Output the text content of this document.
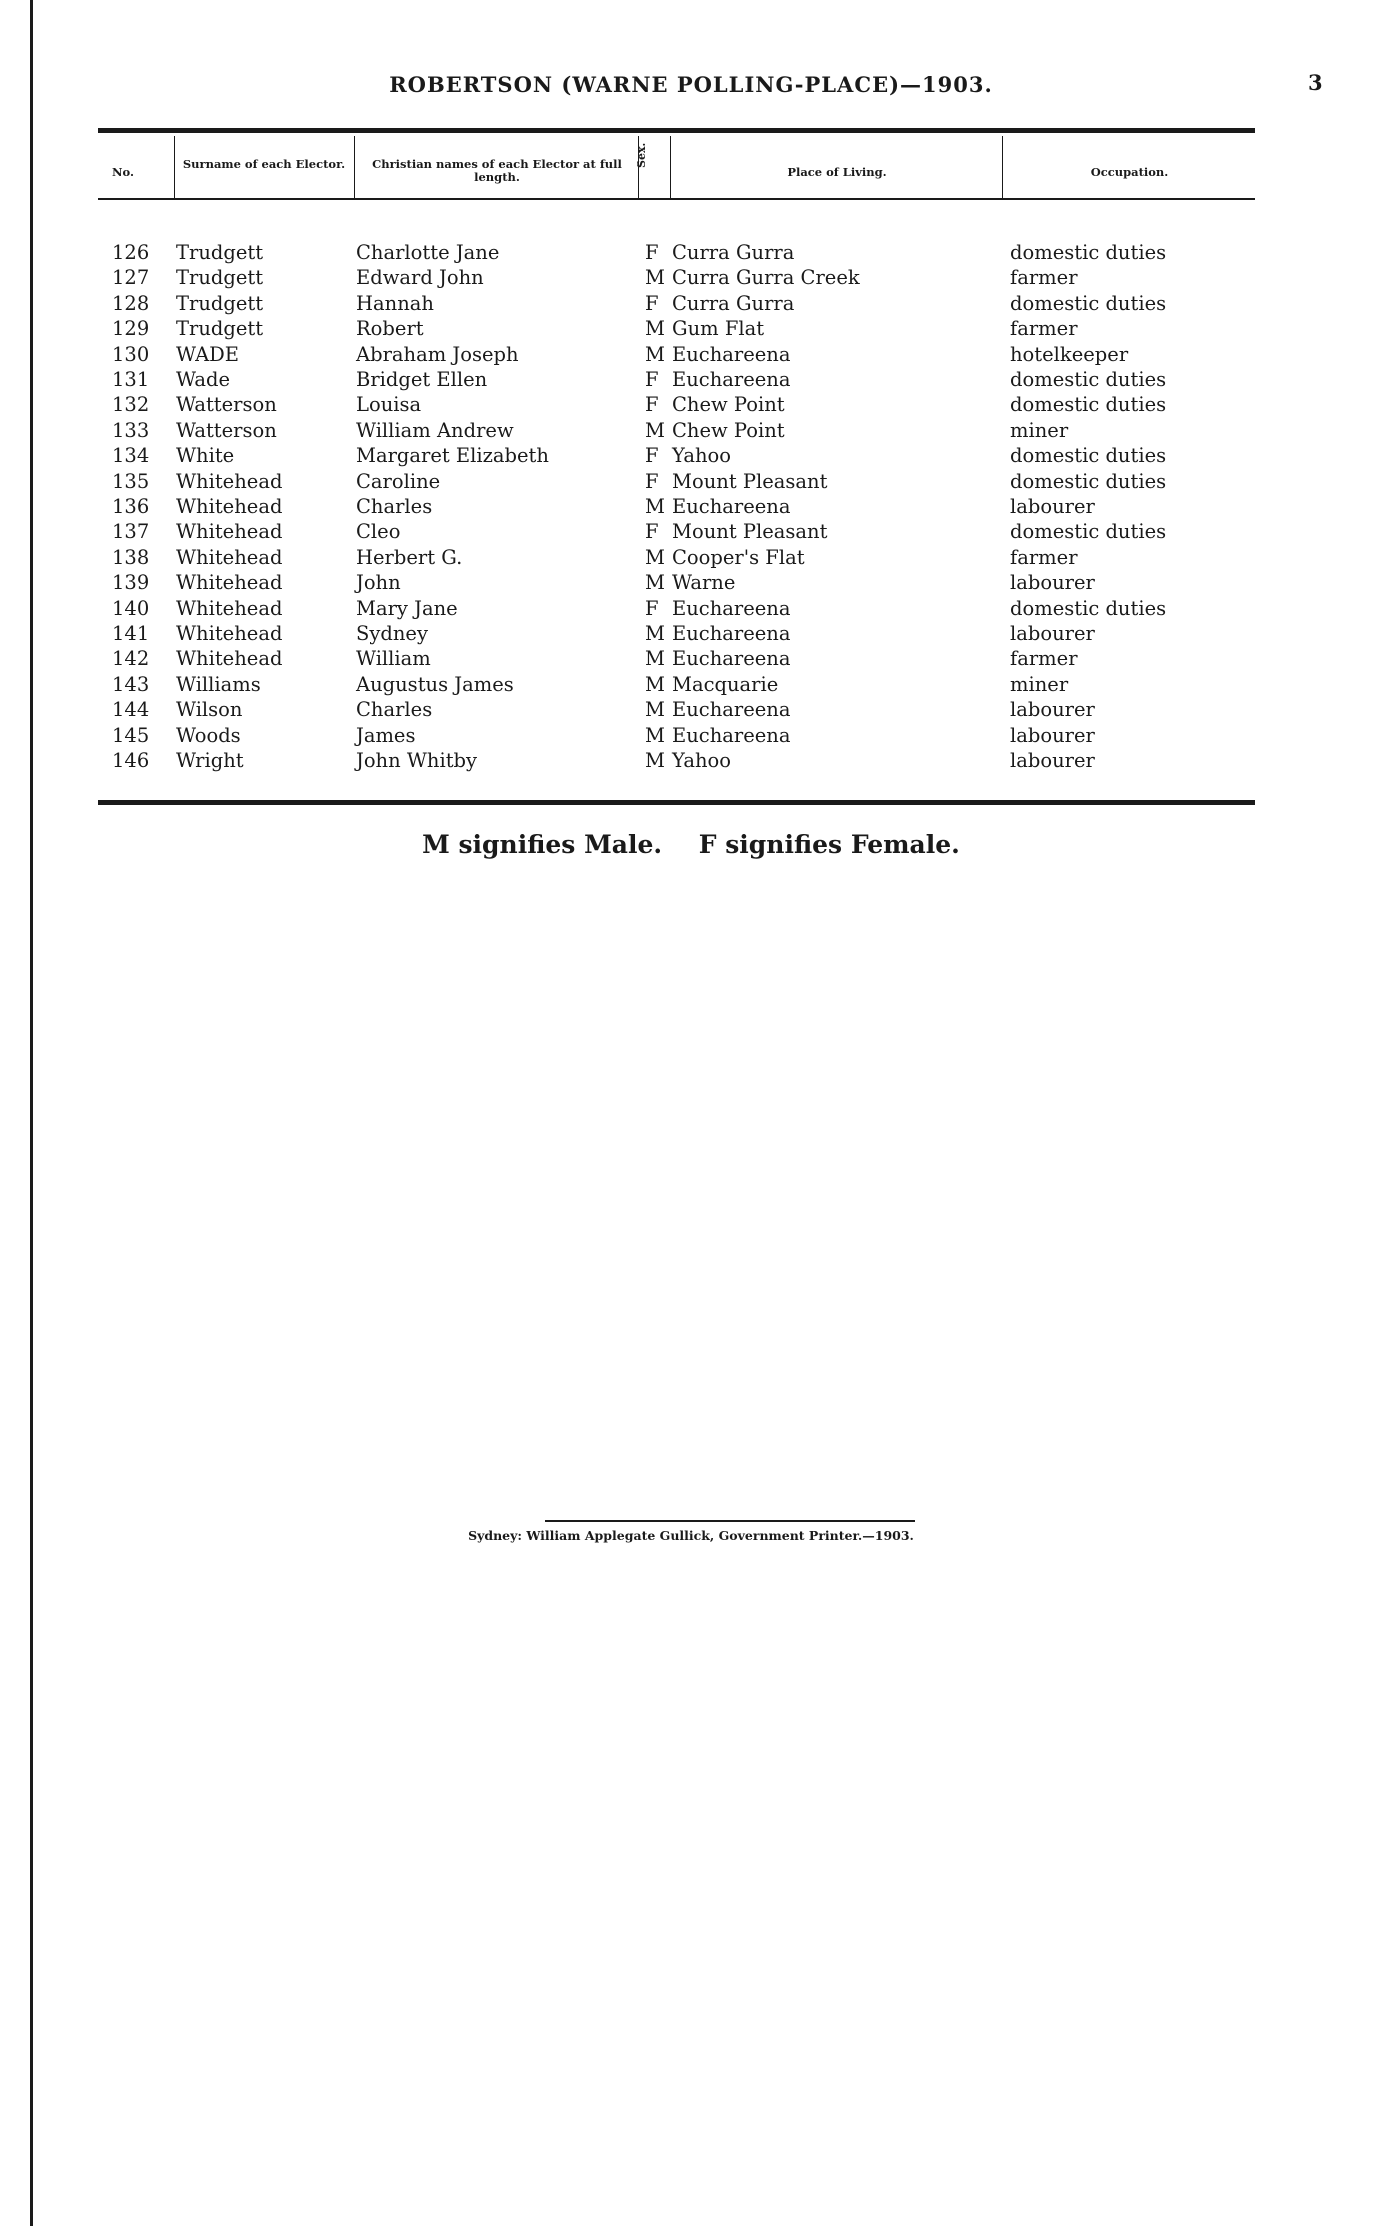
ROBERTSON (WARNE POLLING-PLACE)—1903.	3
No.
Surname of each Elector.	Christian names of each Elector at full length.
Sex.
Place of Living.	Occupation.
126	Trudgett	Charlotte Jane	F Curra Gurra	domestic duties
127	Trudgett	Edward John	M Curra Gurra Creek	farmer
128	Trudgett	Hannah	F Curra Gurra	domestic duties
129	Trudgett	Robert	M Gum Flat	farmer
130	WADE	Abraham Joseph	M Euchareena	hotelkeeper
131	Wade	Bridget Ellen	F Euchareena	domestic duties
132	Watterson	Louisa	F Chew Point	domestic duties
133	Watterson	William Andrew	M Chew Point	miner
134	White	Margaret Elizabeth	F Yahoo	domestic duties
135	Whitehead	Caroline	F Mount Pleasant	domestic duties
136	Whitehead	Charles	M Euchareena	labourer
137	Whitehead	Cleo	F Mount Pleasant	domestic duties
138	Whitehead	Herbert G.	M Cooper's Flat	farmer
139	Whitehead	John	M Warne	labourer
140	Whitehead	Mary Jane	F Euchareena	domestic duties
141	Whitehead	Sydney	M Euchareena	labourer
142	Whitehead	William	M Euchareena	farmer
143	Williams	Augustus James	M Macquarie	miner
144	Wilson	Charles	M Euchareena	labourer
145	Woods	James	M Euchareena	labourer
146	Wright	John Whitby	M Yahoo	labourer
M signifies Male. F signifies Female.
Sydney: William Applegate Gullick, Government Printer.—1903.
